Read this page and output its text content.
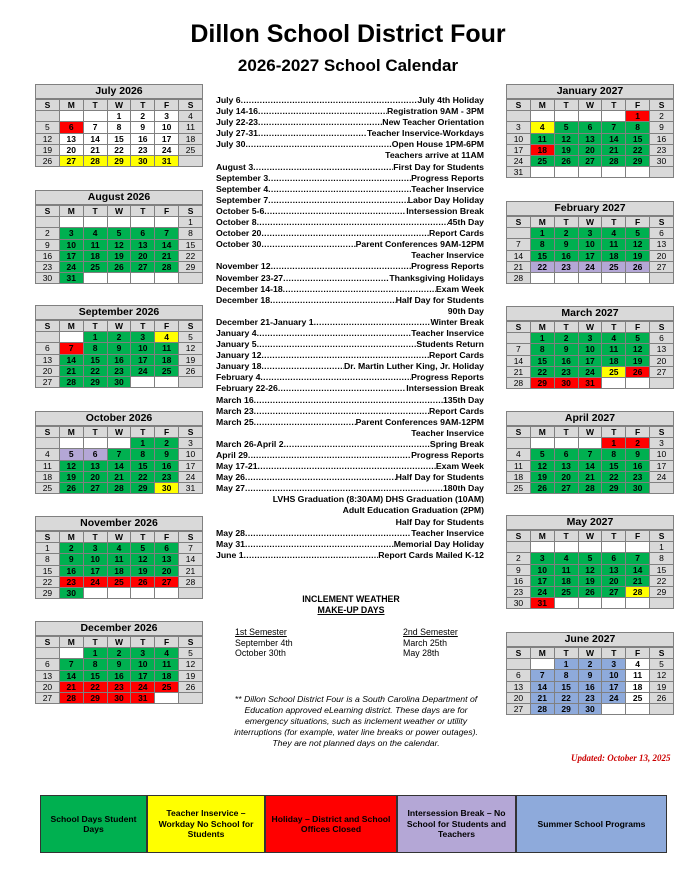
Dillon School District Four
2026-2027 School Calendar
July 2026
S	M	T	W	T	F	S
			1	2	3	4
5	6	7	8	9	10	11
12	13	14	15	16	17	18
19	20	21	22	23	24	25
26	27	28	29	30	31	
August 2026
S	M	T	W	T	F	S
						1
2	3	4	5	6	7	8
9	10	11	12	13	14	15
16	17	18	19	20	21	22
23	24	25	26	27	28	29
30	31					
September 2026
S	M	T	W	T	F	S
		1	2	3	4	5
6	7	8	9	10	11	12
13	14	15	16	17	18	19
20	21	22	23	24	25	26
27	28	29	30			
October 2026
S	M	T	W	T	F	S
				1	2	3
4	5	6	7	8	9	10
11	12	13	14	15	16	17
18	19	20	21	22	23	24
25	26	27	28	29	30	31
November 2026
S	M	T	W	T	F	S
1	2	3	4	5	6	7
8	9	10	11	12	13	14
15	16	17	18	19	20	21
22	23	24	25	26	27	28
29	30					
December 2026
S	M	T	W	T	F	S
		1	2	3	4	5
6	7	8	9	10	11	12
13	14	15	16	17	18	19
20	21	22	23	24	25	26
27	28	29	30	31		
January 2027
S	M	T	W	T	F	S
					1	2
3	4	5	6	7	8	9
10	11	12	13	14	15	16
17	18	19	20	21	22	23
24	25	26	27	28	29	30
31						
February 2027
S	M	T	W	T	F	S
	1	2	3	4	5	6
7	8	9	10	11	12	13
14	15	16	17	18	19	20
21	22	23	24	25	26	27
28						
March 2027
S	M	T	W	T	F	S
	1	2	3	4	5	6
7	8	9	10	11	12	13
14	15	16	17	18	19	20
21	22	23	24	25	26	27
28	29	30	31			
April 2027
S	M	T	W	T	F	S
				1	2	3
4	5	6	7	8	9	10
11	12	13	14	15	16	17
18	19	20	21	22	23	24
25	26	27	28	29	30	
May 2027
S	M	T	W	T	F	S
						1
2	3	4	5	6	7	8
9	10	11	12	13	14	15
16	17	18	19	20	21	22
23	24	25	26	27	28	29
30	31					
June 2027
S	M	T	W	T	F	S
		1	2	3	4	5
6	7	8	9	10	11	12
13	14	15	16	17	18	19
20	21	22	23	24	25	26
27	28	29	30			
July 6 .....	July 4th Holiday
July 14-16 .....	Registration 9AM - 3PM
July 22-23 .....	New Teacher Orientation
July 27-31 .....	Teacher Inservice-Workdays
July 30 .....	Open House 1PM-6PM
Teachers arrive at 11AM
August 3 .....	First Day for Students
September 3 .....	Progress Reports
September 4 .....	Teacher Inservice
September 7 .....	Labor Day Holiday
October 5-6 .....	Intersession Break
October 8 .....	45th Day
October 20 .....	Report Cards
October 30 .....	Parent Conferences 9AM-12PM
Teacher Inservice
November 12 .....	Progress Reports
November 23-27 .....	Thanksgiving Holidays
December 14-18 .....	Exam Week
December 18 .....	Half Day for Students
90th Day
December 21-January 1 .....	Winter Break
January 4 .....	Teacher Inservice
January 5 .....	Students Return
January 12 .....	Report Cards
January 18 .....	Dr. Martin Luther King, Jr. Holiday
February 4 .....	Progress Reports
February 22-26 .....	Intersession Break
March 16 .....	135th Day
March 23 .....	Report Cards
March 25 .....	Parent Conferences 9AM-12PM
Teacher Inservice
March 26-April 2 .....	Spring Break
April 29 .....	Progress Reports
May 17-21 .....	Exam Week
May 26 .....	Half Day for Students
May 27 .....	180th Day
LVHS Graduation (8:30AM) DHS Graduation (10AM)
Adult Education Graduation (2PM)
Half Day for Students
May 28 .....	Teacher Inservice
May 31 .....	Memorial Day Holiday
June 1 .....	Report Cards Mailed K-12
INCLEMENT WEATHER
MAKE-UP DAYS
1st Semester
September 4th
October 30th
2nd Semester
March 25th
May 28th
** Dillon School District Four is a South Carolina Department of Education approved eLearning district. These days are for emergency situations, such as inclement weather or utility interruptions (for example, water line breaks or power outages). They are not planned days on the calendar.
Updated: October 13, 2025
School Days Student Days
Teacher Inservice – Workday No School for Students
Holiday – District and School Offices Closed
Intersession Break – No School for Students and Teachers
Summer School Programs
